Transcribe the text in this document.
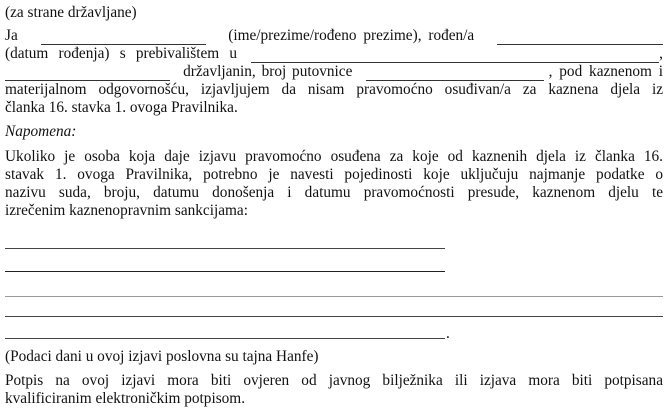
(za strane državljane)
Ja	(ime/prezime/rođeno prezime), rođen/a
(datum rođenja) s prebivalištem u	,
državljanin, broj putovnice	, pod kaznenom i
materijalnom odgovornošću, izjavljujem da nisam pravomoćno osuđivan/a za kaznena djela iz
članka 16. stavka 1. ovoga Pravilnika.
Napomena:
Ukoliko je osoba koja daje izjavu pravomoćno osuđena za koje od kaznenih djela iz članka 16.
stavak 1. ovoga Pravilnika, potrebno je navesti pojedinosti koje uključuju najmanje podatke o
nazivu suda, broju, datumu donošenja i datumu pravomoćnosti presude, kaznenom djelu te
izrečenim kaznenopravnim sankcijama:
.
(Podaci dani u ovoj izjavi poslovna su tajna Hanfe)
Potpis na ovoj izjavi mora biti ovjeren od javnog bilježnika ili izjava mora biti potpisana
kvalificiranim elektroničkim potpisom.
